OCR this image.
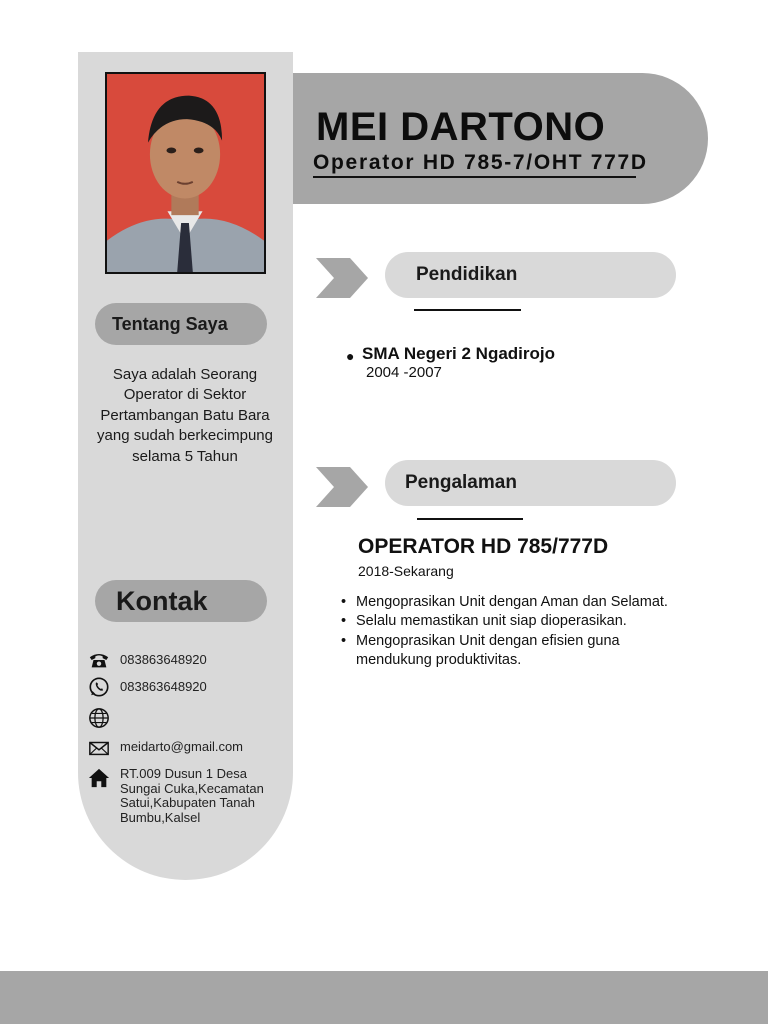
Tentang Saya

Saya adalah Seorang Operator di Sektor Pertambangan Batu Bara yang sudah berkecimpung selama 5 Tahun

Kontak
083863648920
083863648920
meidarto@gmail.com
RT.009 Dusun 1 Desa Sungai Cuka,Kecamatan Satui,Kabupaten Tanah Bumbu,Kalsel
MEI DARTONO
Operator HD 785-7/OHT 777D
Pendidikan
● SMA Negeri 2 Ngadirojo
2004 -2007
Pengalaman
OPERATOR HD 785/777D
2018-Sekarang
• Mengoprasikan Unit dengan Aman dan Selamat.
• Selalu memastikan unit siap dioperasikan.
• Mengoprasikan Unit dengan efisien guna mendukung produktivitas.
